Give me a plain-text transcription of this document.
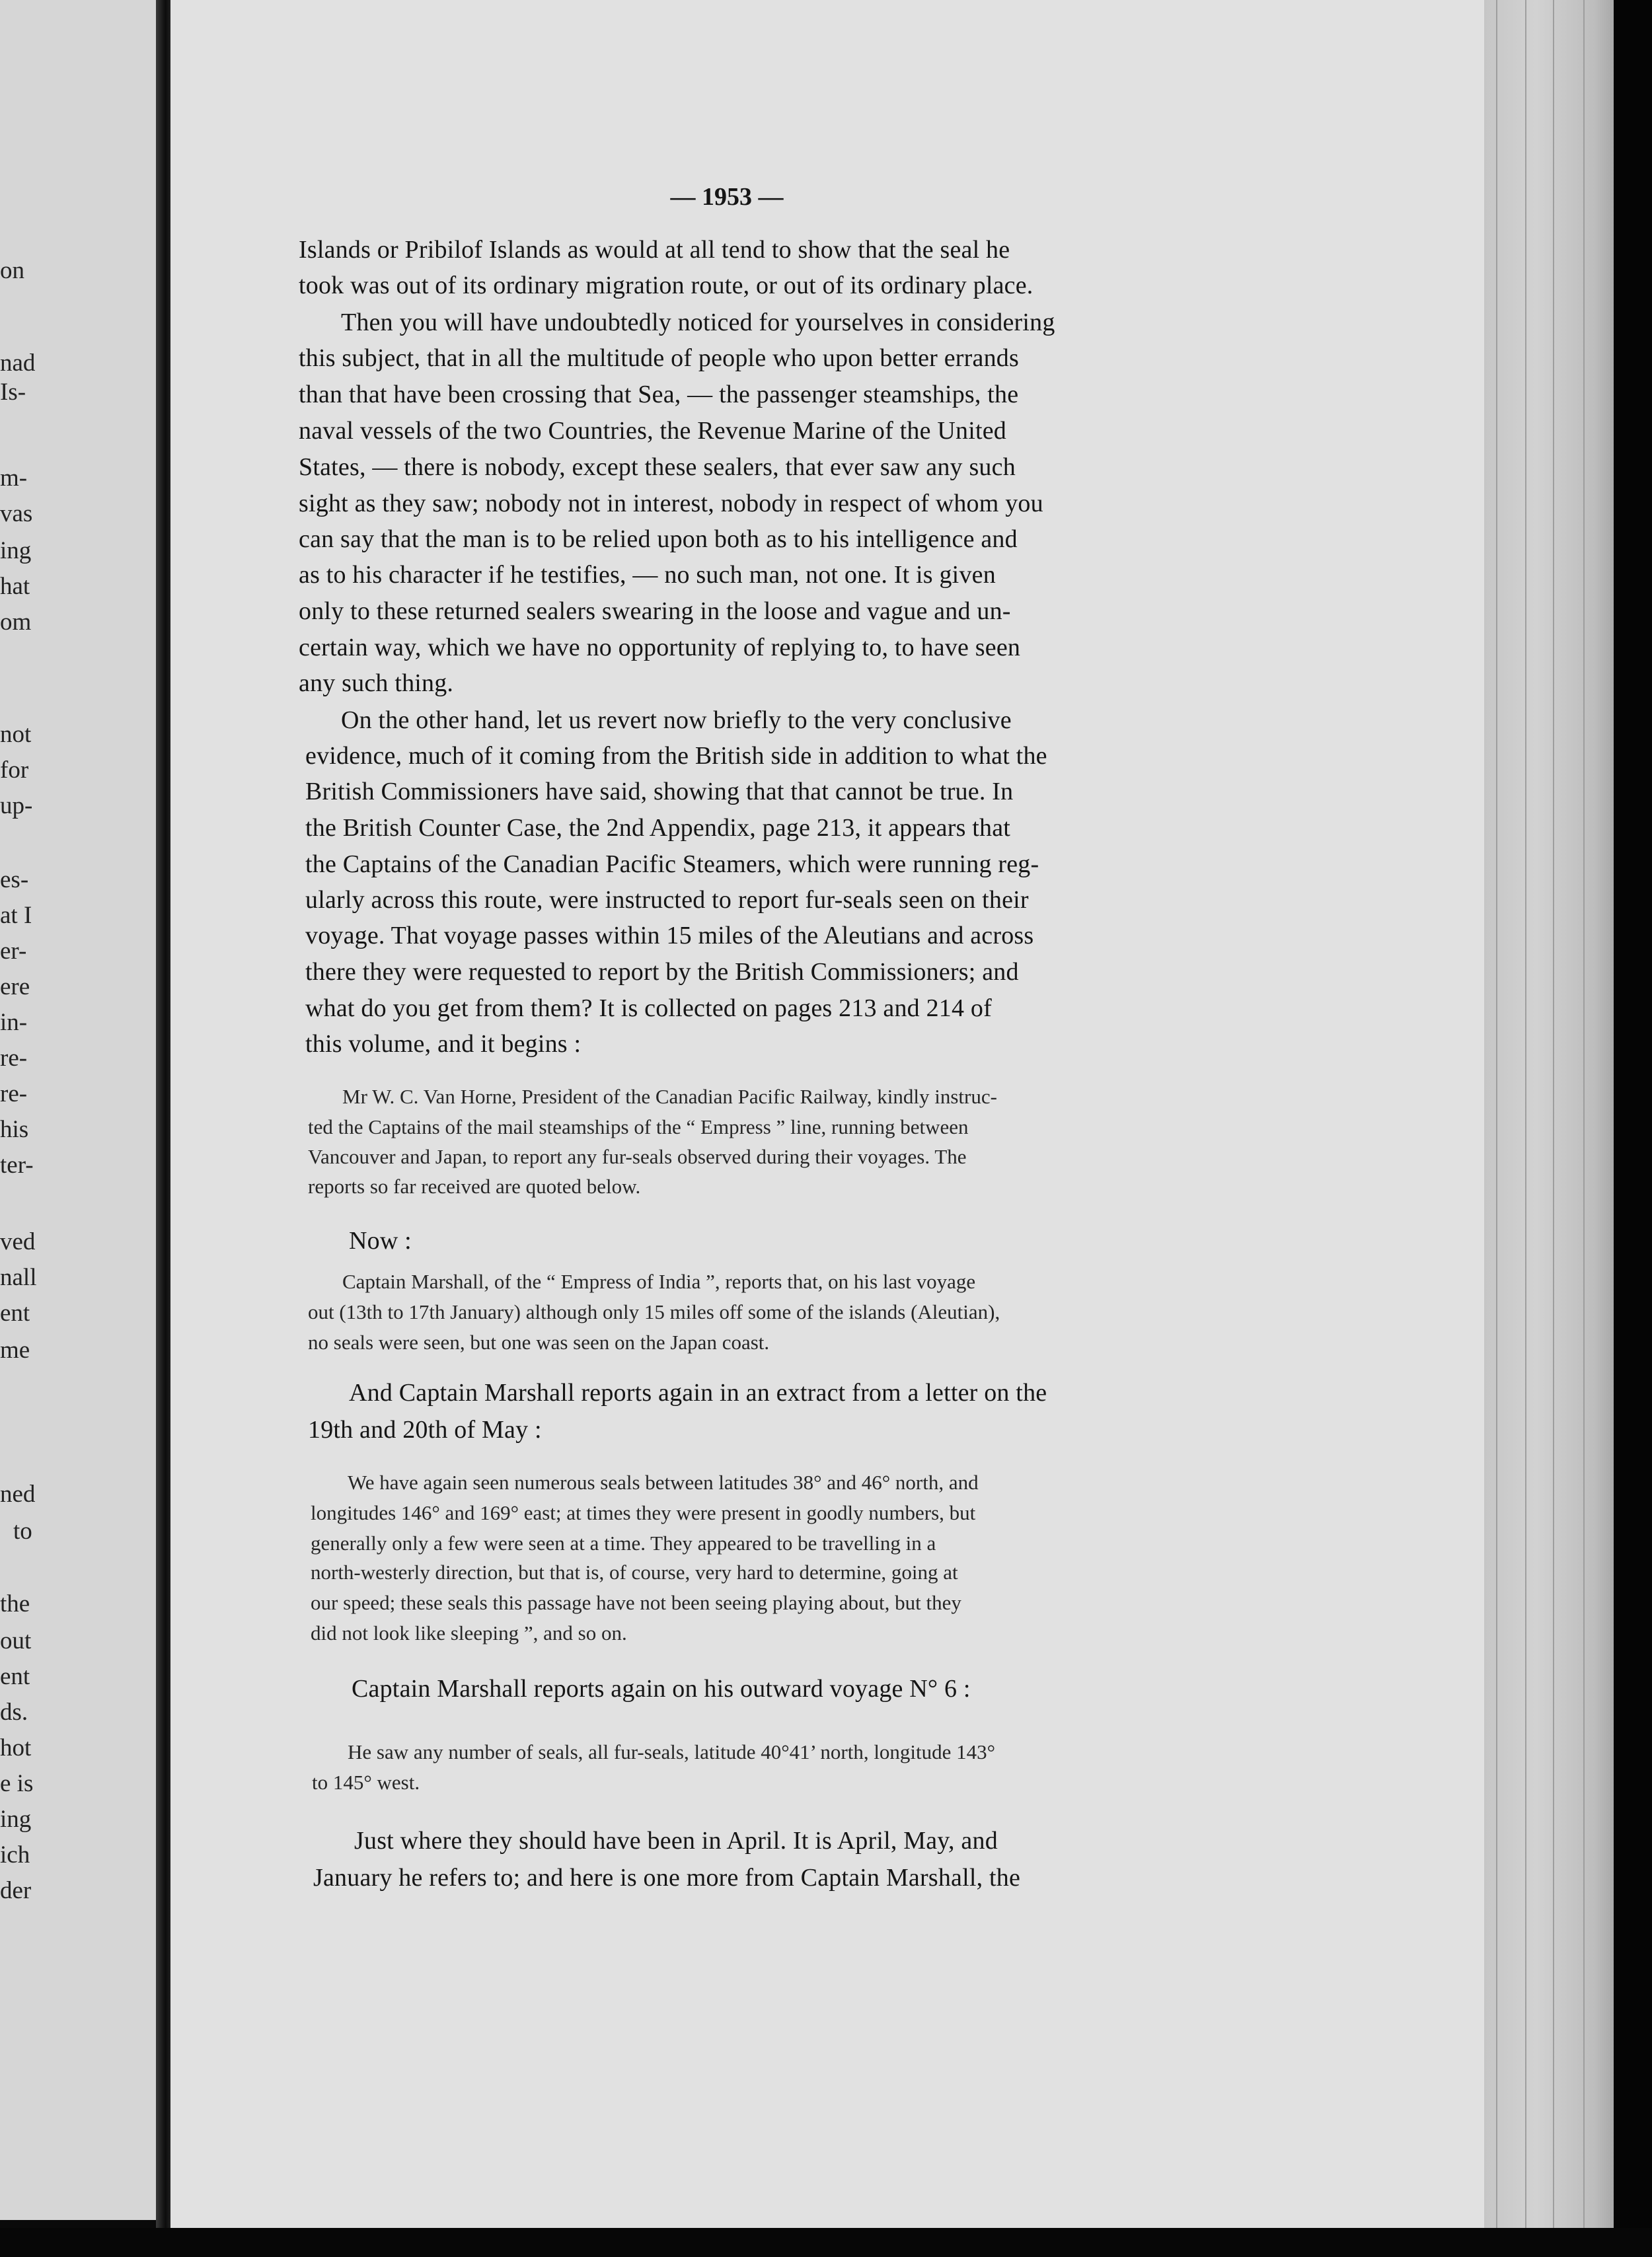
on
nad
Is-
m-
vas
ing
hat
om
not
for
up-
es-
at I
er-
ere
in-
re-
re-
his
ter-
ved
nall
ent
me
ned
to
the
out
ent
ds.
hot
e is
ing
ich
der
— 1953 —
Islands or Pribilof Islands as would at all tend to show that the seal he
took was out of its ordinary migration route, or out of its ordinary place.
Then you will have undoubtedly noticed for yourselves in considering
this subject, that in all the multitude of people who upon better errands
than that have been crossing that Sea, — the passenger steamships, the
naval vessels of the two Countries, the Revenue Marine of the United
States, — there is nobody, except these sealers, that ever saw any such
sight as they saw; nobody not in interest, nobody in respect of whom you
can say that the man is to be relied upon both as to his intelligence and
as to his character if he testifies, — no such man, not one. It is given
only to these returned sealers swearing in the loose and vague and un-
certain way, which we have no opportunity of replying to, to have seen
any such thing.
On the other hand, let us revert now briefly to the very conclusive
evidence, much of it coming from the British side in addition to what the
British Commissioners have said, showing that that cannot be true. In
the British Counter Case, the 2nd Appendix, page 213, it appears that
the Captains of the Canadian Pacific Steamers, which were running reg-
ularly across this route, were instructed to report fur-seals seen on their
voyage. That voyage passes within 15 miles of the Aleutians and across
there they were requested to report by the British Commissioners; and
what do you get from them? It is collected on pages 213 and 214 of
this volume, and it begins :
Mr W. C. Van Horne, President of the Canadian Pacific Railway, kindly instruc-
ted the Captains of the mail steamships of the “ Empress ” line, running between
Vancouver and Japan, to report any fur-seals observed during their voyages. The
reports so far received are quoted below.
Now :
Captain Marshall, of the “ Empress of India ”, reports that, on his last voyage
out (13th to 17th January) although only 15 miles off some of the islands (Aleutian),
no seals were seen, but one was seen on the Japan coast.
And Captain Marshall reports again in an extract from a letter on the
19th and 20th of May :
We have again seen numerous seals between latitudes 38° and 46° north, and
longitudes 146° and 169° east; at times they were present in goodly numbers, but
generally only a few were seen at a time. They appeared to be travelling in a
north-westerly direction, but that is, of course, very hard to determine, going at
our speed; these seals this passage have not been seeing playing about, but they
did not look like sleeping ”, and so on.
Captain Marshall reports again on his outward voyage N° 6 :
He saw any number of seals, all fur-seals, latitude 40°41’ north, longitude 143°
to 145° west.
Just where they should have been in April. It is April, May, and
January he refers to; and here is one more from Captain Marshall, the
